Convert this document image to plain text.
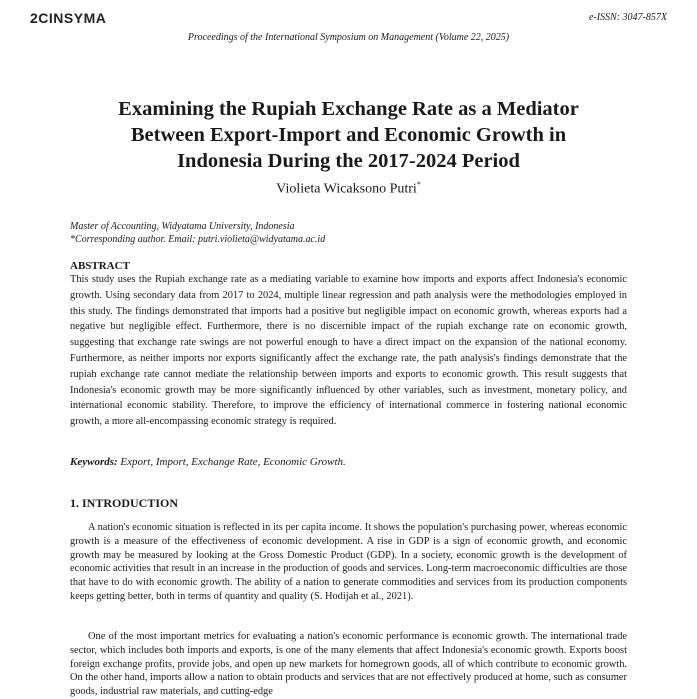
2CINSYMA	e-ISSN: 3047-857X
Proceedings of the International Symposium on Management (Volume 22, 2025)
Examining the Rupiah Exchange Rate as a Mediator
Between Export-Import and Economic Growth in
Indonesia During the 2017-2024 Period
Violieta Wicaksono Putri*
Master of Accounting, Widyatama University, Indonesia
*Corresponding author. Email: putri.violieta@widyatama.ac.id
ABSTRACT

This study uses the Rupiah exchange rate as a mediating variable to examine how imports and exports affect Indonesia's economic growth. Using secondary data from 2017 to 2024, multiple linear regression and path analysis were the methodologies employed in this study. The findings demonstrated that imports had a positive but negligible impact on economic growth, whereas exports had a negative but negligible effect. Furthermore, there is no discernible impact of the rupiah exchange rate on economic growth, suggesting that exchange rate swings are not powerful enough to have a direct impact on the expansion of the national economy. Furthermore, as neither imports nor exports significantly affect the exchange rate, the path analysis's findings demonstrate that the rupiah exchange rate cannot mediate the relationship between imports and exports to economic growth. This result suggests that Indonesia's economic growth may be more significantly influenced by other variables, such as investment, monetary policy, and international economic stability. Therefore, to improve the efficiency of international commerce in fostering national economic growth, a more all-encompassing economic strategy is required.

Keywords: Export, Import, Exchange Rate, Economic Growth.
1. INTRODUCTION

A nation's economic situation is reflected in its per capita income. It shows the population's purchasing power, whereas economic growth is a measure of the effectiveness of economic development. A rise in GDP is a sign of economic growth, and economic growth may be measured by looking at the Gross Domestic Product (GDP). In a society, economic growth is the development of economic activities that result in an increase in the production of goods and services. Long-term macroeconomic difficulties are those that have to do with economic growth. The ability of a nation to generate commodities and services from its production components keeps getting better, both in terms of quantity and quality (S. Hodijah et al., 2021).

One of the most important metrics for evaluating a nation's economic performance is economic growth. The international trade sector, which includes both imports and exports, is one of the many elements that affect Indonesia's economic growth. Exports boost foreign exchange profits, provide jobs, and open up new markets for homegrown goods, all of which contribute to economic growth. On the other hand, imports allow a nation to obtain products and services that are not effectively produced at home, such as consumer goods, industrial raw materials, and cutting-edge
